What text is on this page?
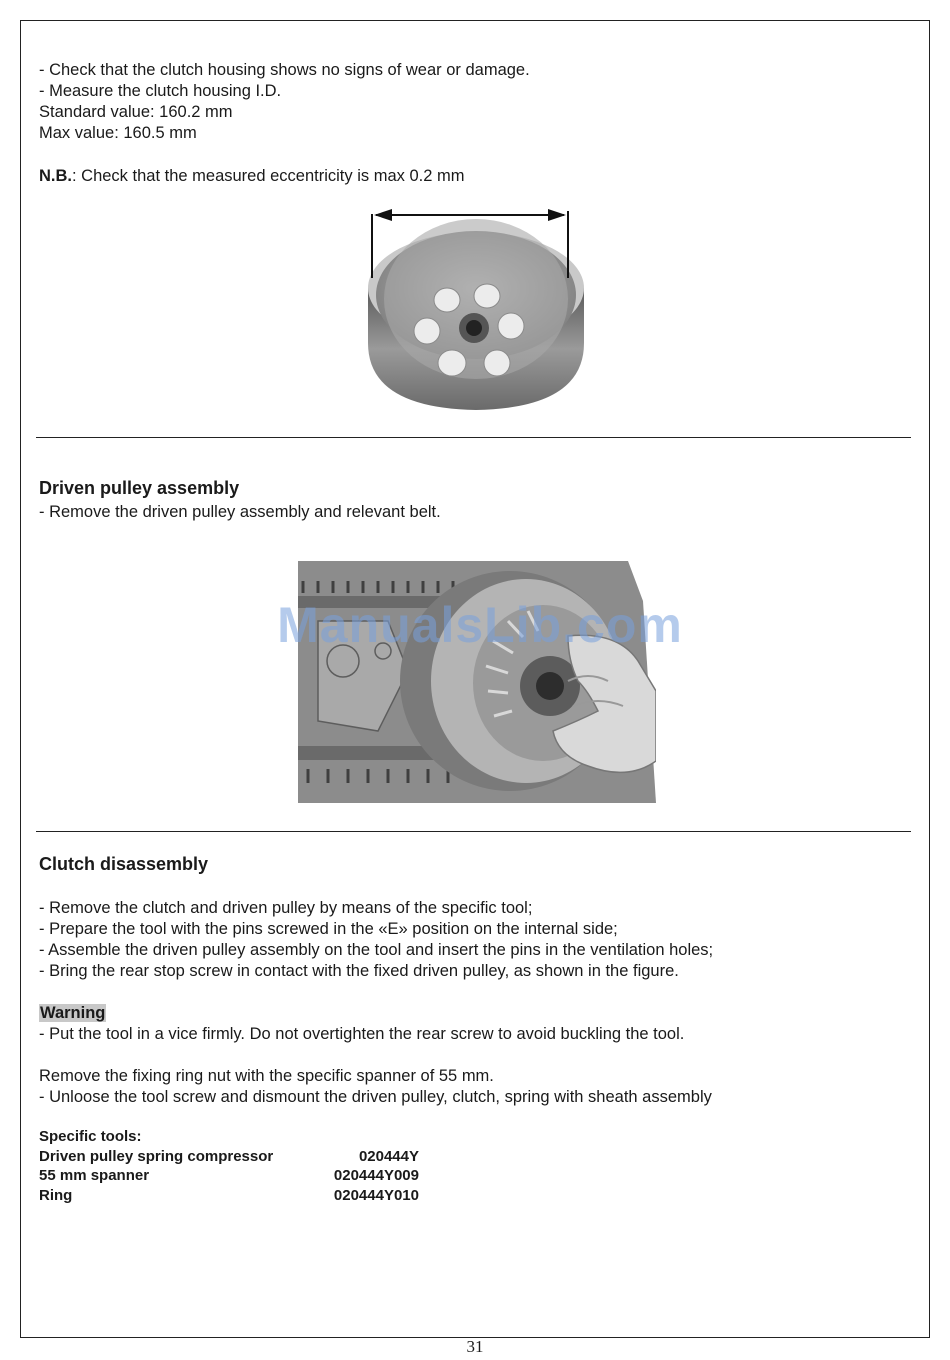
- Check that the clutch housing shows no signs of wear or damage.
- Measure the clutch housing I.D.
Standard value: 160.2 mm
Max value: 160.5 mm
N.B.: Check that the measured eccentricity is max 0.2 mm
Driven pulley assembly
- Remove the driven pulley assembly and relevant belt.
ManualsLib.com
Clutch disassembly
- Remove the clutch and driven pulley by means of the specific tool;
- Prepare the tool with the pins screwed in the «E» position on the internal side;
- Assemble the driven pulley assembly on the tool and insert the pins in the ventilation holes;
- Bring the rear stop screw in contact with the fixed driven pulley, as shown in the figure.
Warning
- Put the tool in a vice firmly. Do not overtighten the rear screw to avoid buckling the tool.
Remove the fixing ring nut with the specific spanner of 55 mm.
- Unloose the tool screw and dismount the driven pulley, clutch, spring with sheath assembly
Specific tools:
Driven pulley spring compressor	020444Y
55 mm spanner	020444Y009
Ring	020444Y010
31
